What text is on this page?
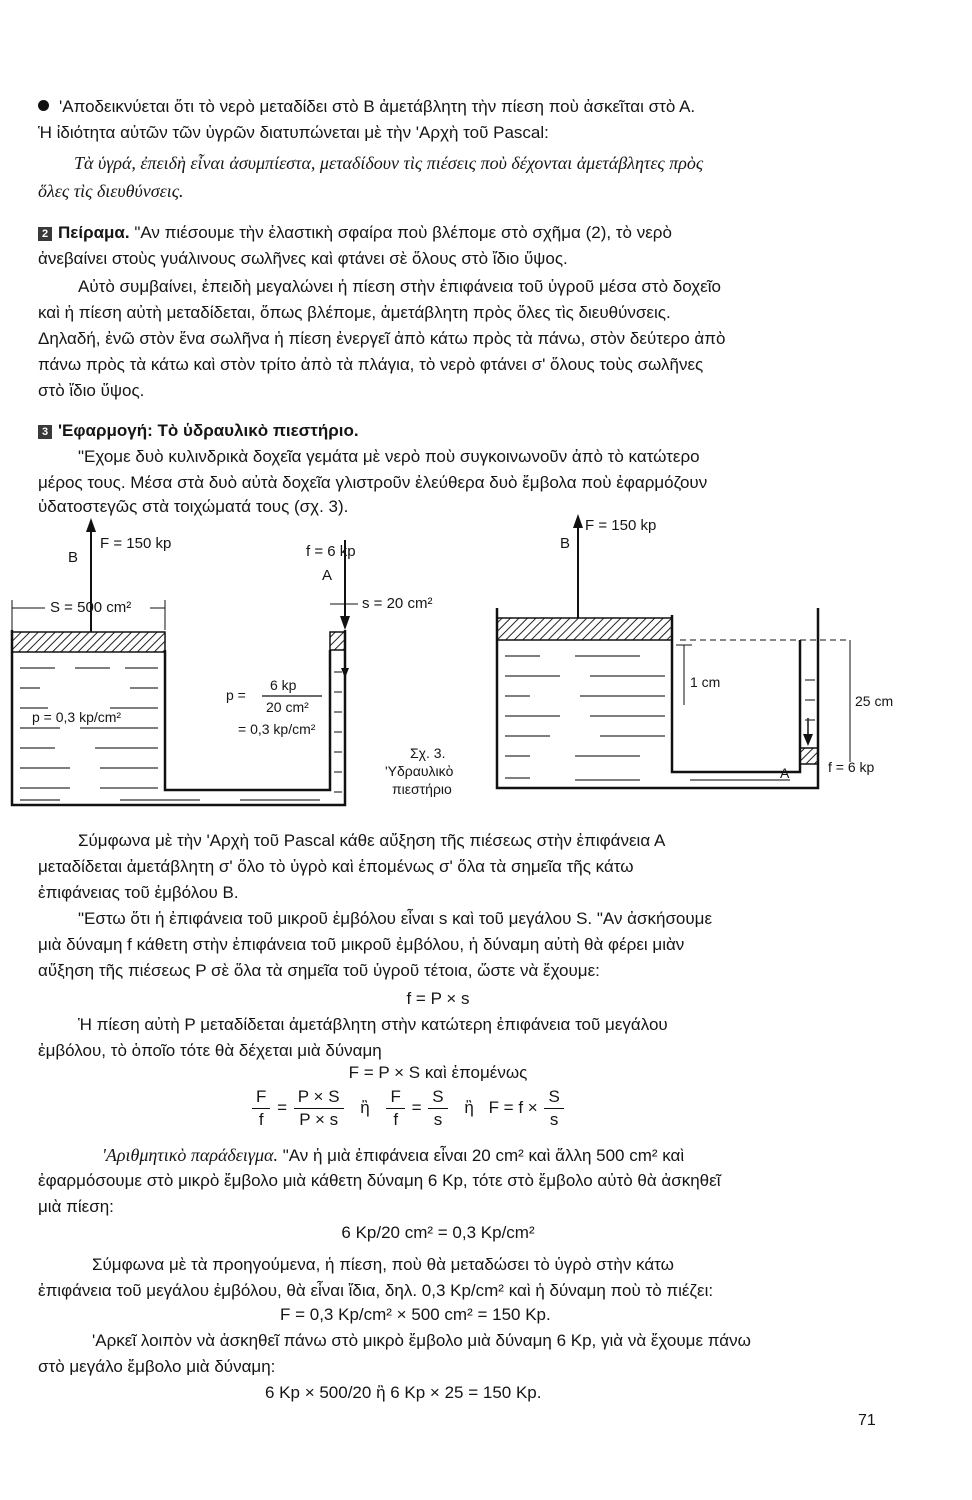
'Αποδεικνύεται ὅτι τὸ νερὸ μεταδίδει στὸ Β ἀμετάβλητη τὴν πίεση ποὺ ἀσκεῖται στὸ Α.
Ἡ ἰδιότητα αὐτῶν τῶν ὑγρῶν διατυπώνεται μὲ τὴν 'Αρχὴ τοῦ Pascal:
Τὰ ὑγρά, ἐπειδὴ εἶναι ἀσυμπίεστα, μεταδίδουν τὶς πιέσεις ποὺ δέχονται ἀμετάβλητες πρὸς
ὅλες τὶς διευθύνσεις.
2 Πείραμα. "Αν πιέσουμε τὴν ἐλαστικὴ σφαίρα ποὺ βλέπομε στὸ σχῆμα (2), τὸ νερὸ
ἀνεβαίνει στοὺς γυάλινους σωλῆνες καὶ φτάνει σὲ ὅλους στὸ ἴδιο ὕψος.
Αὐτὸ συμβαίνει, ἐπειδὴ μεγαλώνει ἡ πίεση στὴν ἐπιφάνεια τοῦ ὑγροῦ μέσα στὸ δοχεῖο
καὶ ἡ πίεση αὐτὴ μεταδίδεται, ὅπως βλέπομε, ἀμετάβλητη πρὸς ὅλες τὶς διευθύνσεις.
Δηλαδή, ἐνῶ στὸν ἕνα σωλῆνα ἡ πίεση ἐνεργεῖ ἀπὸ κάτω πρὸς τὰ πάνω, στὸν δεύτερο ἀπὸ
πάνω πρὸς τὰ κάτω καὶ στὸν τρίτο ἀπὸ τὰ πλάγια, τὸ νερὸ φτάνει σ' ὅλους τοὺς σωλῆνες
στὸ ἴδιο ὕψος.
3 'Εφαρμογή: Τὸ ὑδραυλικὸ πιεστήριο.
"Εχομε δυὸ κυλινδρικὰ δοχεῖα γεμάτα μὲ νερὸ ποὺ συγκοινωνοῦν ἀπὸ τὸ κατώτερο
μέρος τους. Μέσα στὰ δυὸ αὐτὰ δοχεῖα γλιστροῦν ἐλεύθερα δυὸ ἔμβολα ποὺ ἐφαρμόζουν
ὑδατοστεγῶς στὰ τοιχώματά τους (σχ. 3).
B
F = 150 kp	f = 6 kp
A
S = 500 cm²	s = 20 cm²
p = 0,3 kp/cm²
p =
6 kp
20 cm²
= 0,3 kp/cm²
Σχ. 3.
'Υδραυλικὸ
πιεστήριο
F = 150 kp
B
1 cm
25 cm
A	f = 6 kp
Σύμφωνα μὲ τὴν 'Αρχὴ τοῦ Pascal κάθε αὔξηση τῆς πιέσεως στὴν ἐπιφάνεια Α
μεταδίδεται ἀμετάβλητη σ' ὅλο τὸ ὑγρὸ καὶ ἑπομένως σ' ὅλα τὰ σημεῖα τῆς κάτω
ἐπιφάνειας τοῦ ἐμβόλου Β.
"Εστω ὅτι ἡ ἐπιφάνεια τοῦ μικροῦ ἐμβόλου εἶναι s καὶ τοῦ μεγάλου S. "Αν ἀσκήσουμε
μιὰ δύναμη f κάθετη στὴν ἐπιφάνεια τοῦ μικροῦ ἐμβόλου, ἡ δύναμη αὐτὴ θὰ φέρει μιὰν
αὔξηση τῆς πιέσεως P σὲ ὅλα τὰ σημεῖα τοῦ ὑγροῦ τέτοια, ὥστε νὰ ἔχουμε:
f = P × s
Ἡ πίεση αὐτὴ P μεταδίδεται ἀμετάβλητη στὴν κατώτερη ἐπιφάνεια τοῦ μεγάλου
ἐμβόλου, τὸ ὁποῖο τότε θὰ δέχεται μιὰ δύναμη
F = P × S καὶ ἑπομένως
$\frac{F}{f} = \frac{P \times S}{P \times s}$ ἢ $\frac{F}{f} = \frac{S}{s}$ ἢ $F = f \times \frac{S}{s}$
'Αριθμητικὸ παράδειγμα. "Αν ἡ μιὰ ἐπιφάνεια εἶναι 20 cm² καὶ ἄλλη 500 cm² καὶ
ἐφαρμόσουμε στὸ μικρὸ ἔμβολο μιὰ κάθετη δύναμη 6 Κp, τότε στὸ ἔμβολο αὐτὸ θὰ ἀσκηθεῖ
μιὰ πίεση:
6 Kp/20 cm² = 0,3 Kp/cm²
Σύμφωνα μὲ τὰ προηγούμενα, ἡ πίεση, ποὺ θὰ μεταδώσει τὸ ὑγρὸ στὴν κάτω
ἐπιφάνεια τοῦ μεγάλου ἐμβόλου, θὰ εἶναι ἴδια, δηλ. 0,3 Kp/cm² καὶ ἡ δύναμη ποὺ τὸ πιέζει:
F = 0,3 Kp/cm² × 500 cm² = 150 Kp.
'Αρκεῖ λοιπὸν νὰ ἀσκηθεῖ πάνω στὸ μικρὸ ἔμβολο μιὰ δύναμη 6 Κp, γιὰ νὰ ἔχουμε πάνω
στὸ μεγάλο ἔμβολο μιὰ δύναμη:
6 Kp × 500/20 ἢ 6 Kp × 25 = 150 Kp.
71
